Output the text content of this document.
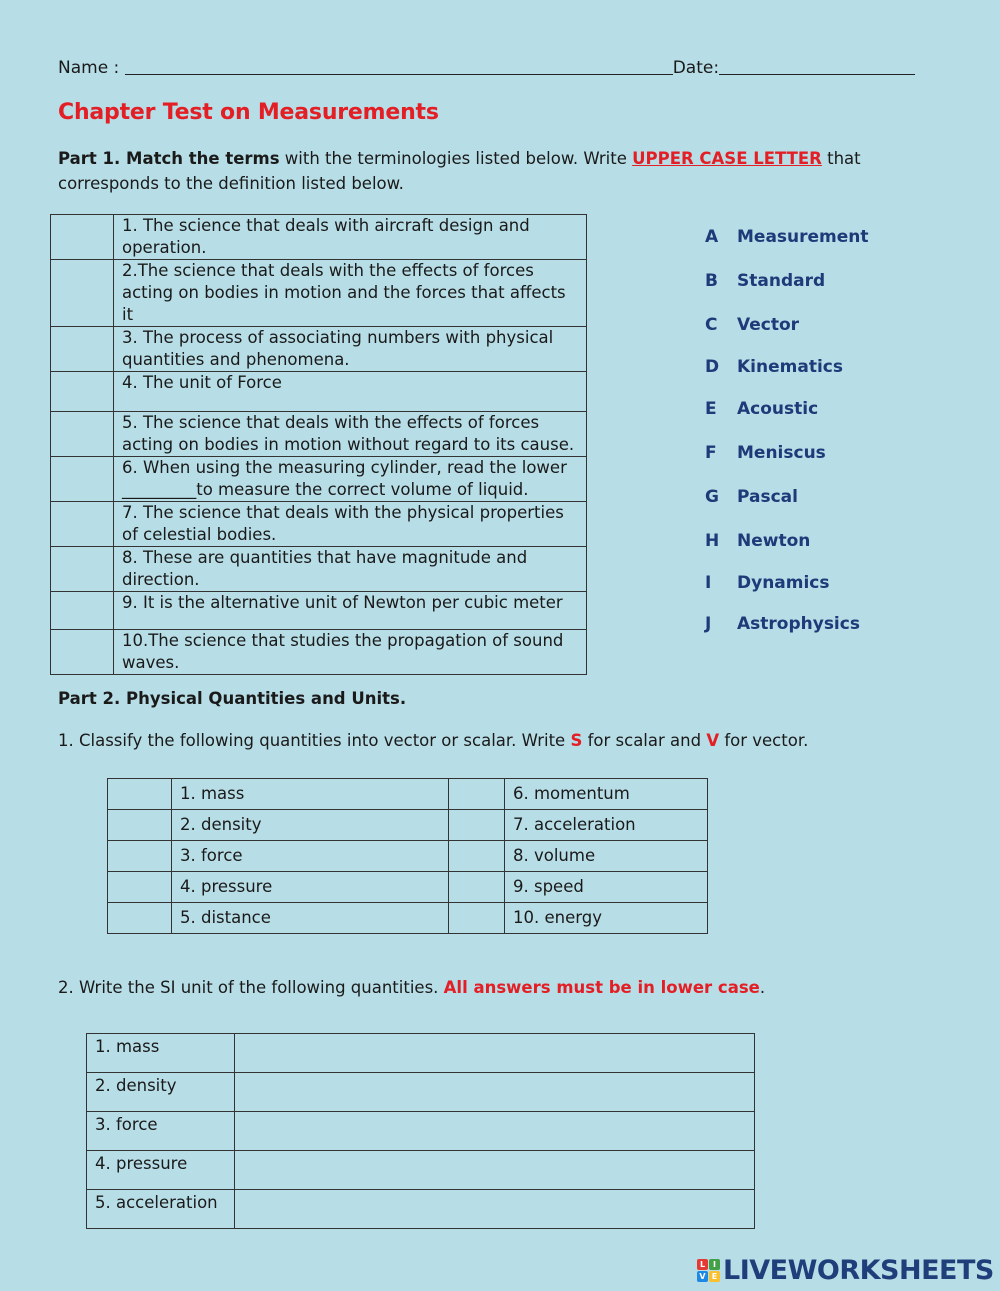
Name :	Date:
Chapter Test on Measurements
Part 1. Match the terms with the terminologies listed below. Write UPPER CASE LETTER that corresponds to the definition listed below.
	1. The science that deals with aircraft design and operation.
	2.The science that deals with the effects of forces acting on bodies in motion and the forces that affects it
	3. The process of associating numbers with physical quantities and phenomena.
	4. The unit of Force
	5. The science that deals with the effects of forces acting on bodies in motion without regard to its cause.
	6. When using the measuring cylinder, read the lower _________to measure the correct volume of liquid.
	7. The science that deals with the physical properties of celestial bodies.
	8. These are quantities that have magnitude and direction.
	9. It is the alternative unit of Newton per cubic meter
	10.The science that studies the propagation of sound waves.
A Measurement
B Standard
C Vector
D Kinematics
E Acoustic
F Meniscus
G Pascal
H Newton
I Dynamics
J Astrophysics
Part 2. Physical Quantities and Units.
1. Classify the following quantities into vector or scalar. Write S for scalar and V for vector.
	1. mass		6. momentum
	2. density		7. acceleration
	3. force		8. volume
	4. pressure		9. speed
	5. distance		10. energy
2. Write the SI unit of the following quantities. All answers must be in lower case.
1. mass	
2. density	
3. force	
4. pressure	
5. acceleration	
L I
V E LIVEWORKSHEETS
